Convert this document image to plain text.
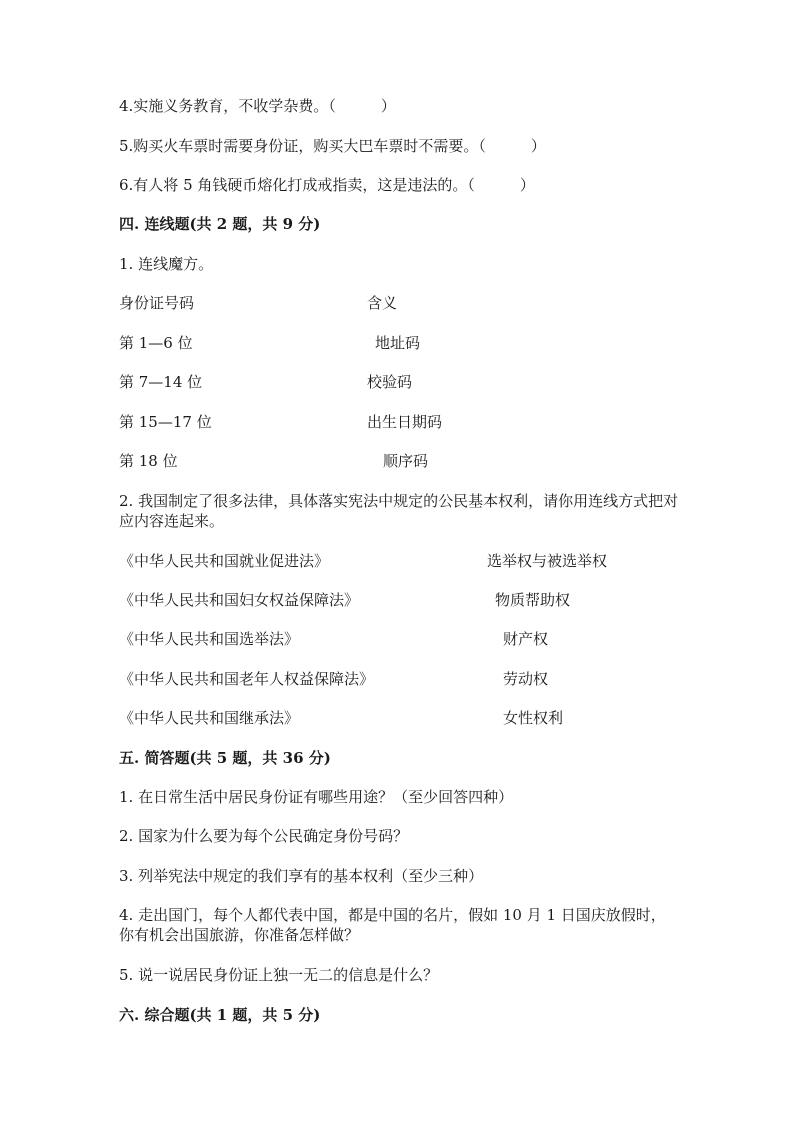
4.实施义务教育，不收学杂费。（　　　）
5.购买火车票时需要身份证，购买大巴车票时不需要。（　　　）
6.有人将 5 角钱硬币熔化打成戒指卖，这是违法的。（　　　）
四. 连线题(共 2 题，共 9 分)
1. 连线魔方。
身份证号码	含义
第 1—6 位	地址码
第 7—14 位	校验码
第 15—17 位	出生日期码
第 18 位	顺序码
2. 我国制定了很多法律，具体落实宪法中规定的公民基本权利，请你用连线方式把对应内容连起来。
《中华人民共和国就业促进法》	选举权与被选举权
《中华人民共和国妇女权益保障法》	物质帮助权
《中华人民共和国选举法》	财产权
《中华人民共和国老年人权益保障法》	劳动权
《中华人民共和国继承法》	女性权利
五. 简答题(共 5 题，共 36 分)
1. 在日常生活中居民身份证有哪些用途？（至少回答四种）
2. 国家为什么要为每个公民确定身份号码？
3. 列举宪法中规定的我们享有的基本权利（至少三种）
4. 走出国门，每个人都代表中国，都是中国的名片，假如 10 月 1 日国庆放假时，你有机会出国旅游，你准备怎样做？
5. 说一说居民身份证上独一无二的信息是什么？
六. 综合题(共 1 题，共 5 分)
